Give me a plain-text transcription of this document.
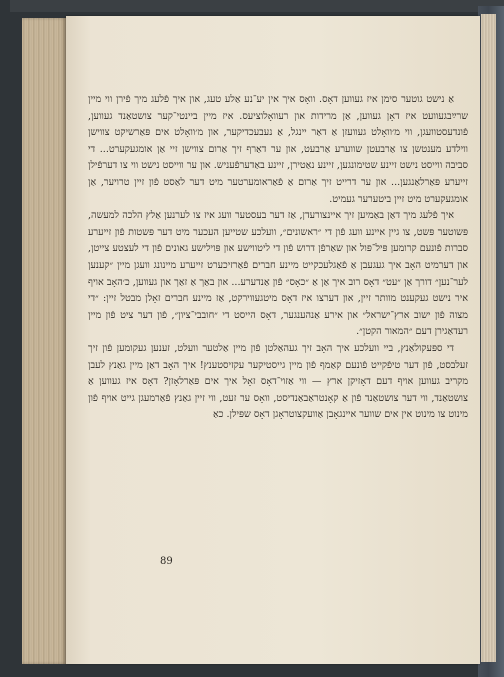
אַ נישט גוטער סימן איז געווען דאָס. וואָס איך אין יע־נע אַלע טעג, און איך פֿלעג מיך פֿירן ווי מיין שרײַבגעוועט איז דאָן געווען, אַן מרידות און רעוואָלוציעס. איז מיין ביינטי־קער צושטאַנד געווען, פֿונדעסטוועגן, ווי מ׳וואָלט געוועזן אַ דאַר יינגל, אַ נעבעכדיקער, און מ׳וואָלט אים פּאַרשיקט צווישן ווילדע מענטשן צו אַרבעטן שווערע אַרבעט, און ער דאַרף זיך אַרום צווישן זיי אַן אומגעקערט... די סביבה ווייסט נישט זיינע שטימונגען, זיינע נאַטירן, זיינע באַדערפֿעניש. און ער ווייסט נישט ווי צו דערפֿילן זייערע פּאַרלאַנגען... און ער דרייט זיך אַרום אַ פֿאַראומערטער מיט דער לאַסט פֿון זיין טרויער, אַן אומגעקערט מיט זיין ביטערער געמיט.

איך פֿלעג מיך דאַן באַמיען זיך איינצורעדן, אַז דער בעסטער וועג איז צו לערנען אַלץ הלכה למעשה, פּשוטער פּשט, צו גיין איינע וועג פֿון די ״ראשונים״, וועלכע שטייען העכער מיט דער פּשטות פֿון זייערע סברות פֿונעם קרומען פּיל־פּול און שאַרפֿן דרוש פֿון די ליטווישע און פּוילישע גאונים פֿון די לעצטע צייטן, און דערמיט האָב איך געגעבן אַ פֿאַגלעכקייט מיינע חברים פֿאַרזיכערט זייערע מיינונג וועגן מיין ״קענען לער־נען״ דורך אַן ״עט״ דאָס רוב איך אַן אַ ״כאָס״ פֿון אַנדערע... און באַך אַ זאַך און געווען, כ׳האָב אויף איר נישט געקענט מוותר זיין, און דערצו איז דאָס מיטגעווירקט, אַז מיינע חברים זאָלן מבטל זיין: ״די מצוה פֿון ישוב ארץ־ישראל״ און אירע אַנהענגער, דאָס הייסט די ״חובבי־ציון״, פֿון דער ציט פֿון מיין רעדאַגירן דעם ״המאור הקטן״.

די ספּעקולאַנץ, ביי וועלכע איך האָב זיך געהאַלטן פֿון מיין אַלטער וועלט, זענען געקומען פֿון זיך זעלבסט, פֿון דער טיפֿקייט פֿונעם קאַמף פֿון מיין גייסטיקער עקזיסטענץ! איך האָב דאַן מיין גאַנץ לעבן מקריב געווען אויף דעם דאָזיקן ארץ — ווי אַזוי־דאָס זאָל איך אים פּאַרלאָזן? דאָס איז געווען אַ צושטאַנד, ווי דער צושטאַנד פֿון אַ קאָנטראַבאַנדיסט, וואָס ער זעט, ווי זיין גאַנץ פֿאַרמעגן גייט אויף פֿון מינוט צו מינוט אין אים שווער איינגאָבן אַוועקצוטראָגן דאָס שפּילן. כאַ

89
